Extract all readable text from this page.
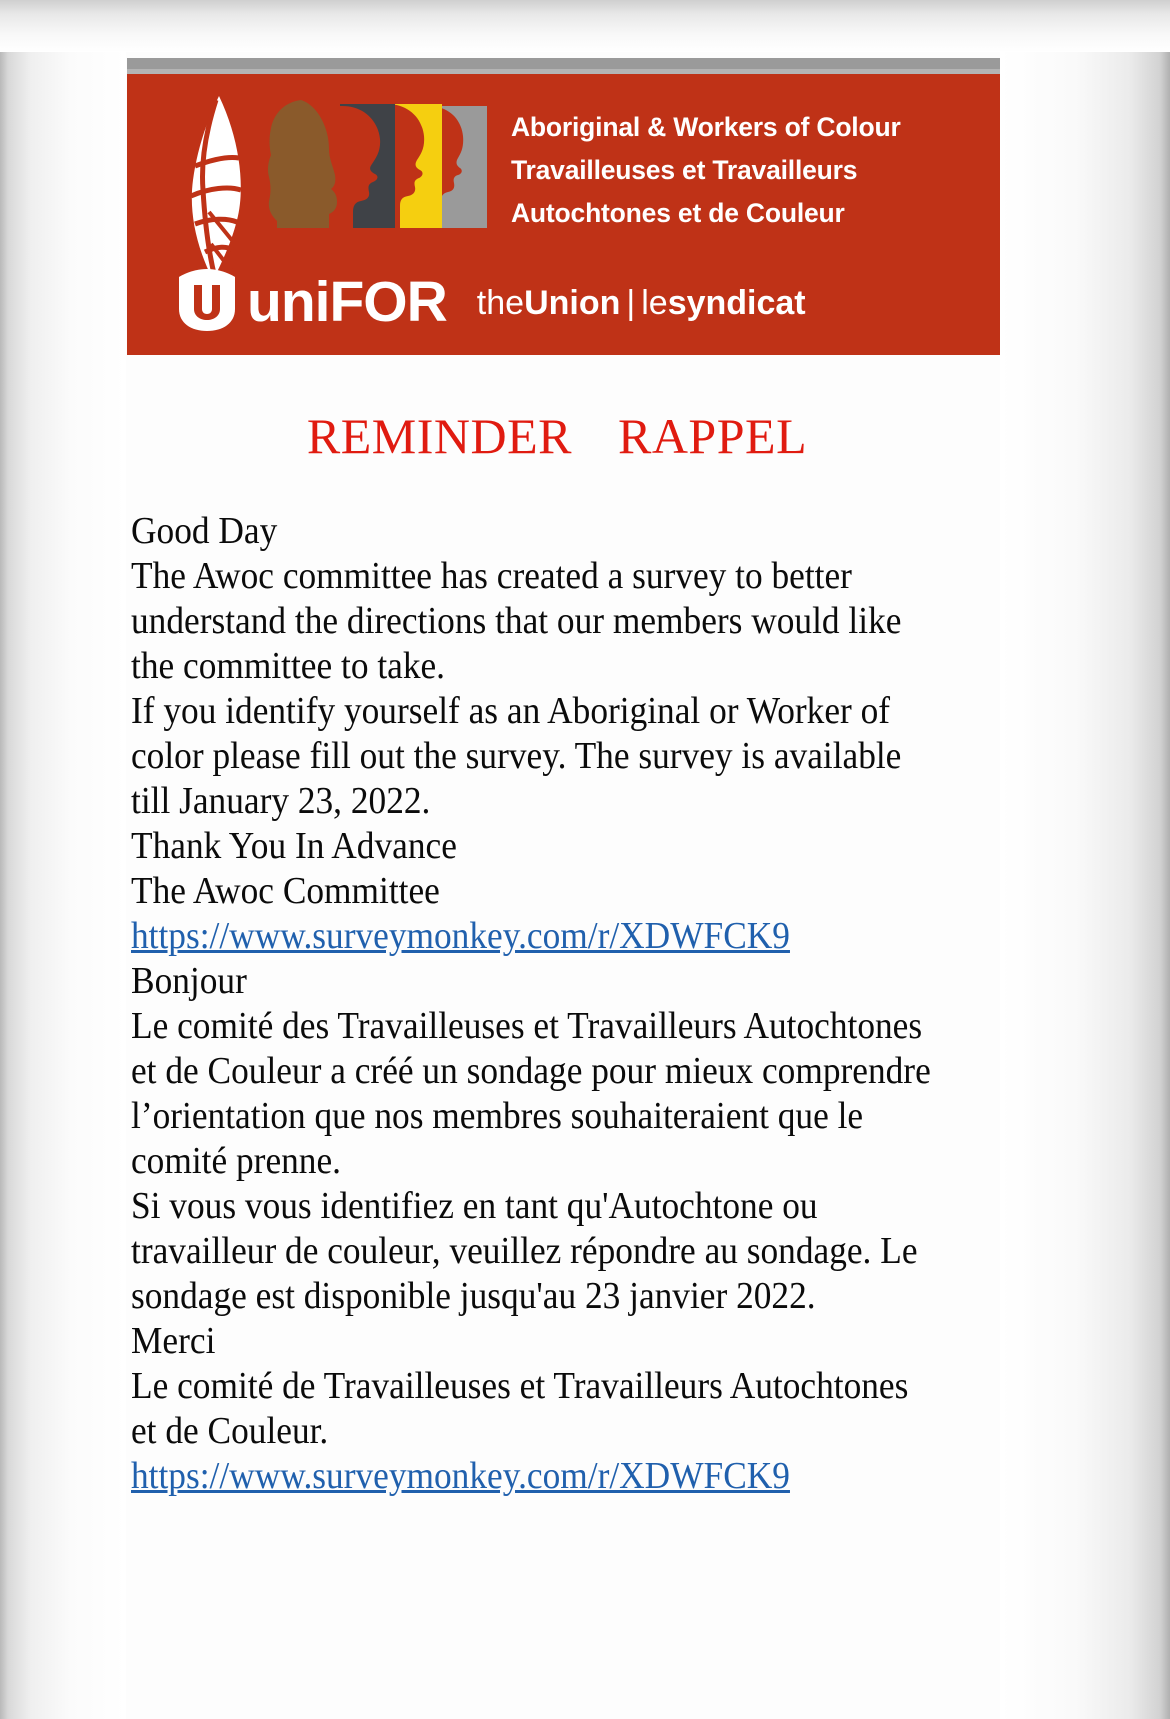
Aboriginal & Workers of Colour
Travailleuses et Travailleurs
Autochtones et de Couleur
uniFOR theUnion | lesyndicat
REMINDER RAPPEL

Good Day

The Awoc committee has created a survey to better understand the directions that our members would like the committee to take.

If you identify yourself as an Aboriginal or Worker of color please fill out the survey. The survey is available till January 23, 2022.

Thank You In Advance

The Awoc Committee

https://www.surveymonkey.com/r/XDWFCK9

Bonjour

Le comité des Travailleuses et Travailleurs Autochtones et de Couleur a créé un sondage pour mieux comprendre l’orientation que nos membres souhaiteraient que le comité prenne.

Si vous vous identifiez en tant qu'Autochtone ou travailleur de couleur, veuillez répondre au sondage. Le sondage est disponible jusqu'au 23 janvier 2022.

Merci

Le comité de Travailleuses et Travailleurs Autochtones et de Couleur.

https://www.surveymonkey.com/r/XDWFCK9
